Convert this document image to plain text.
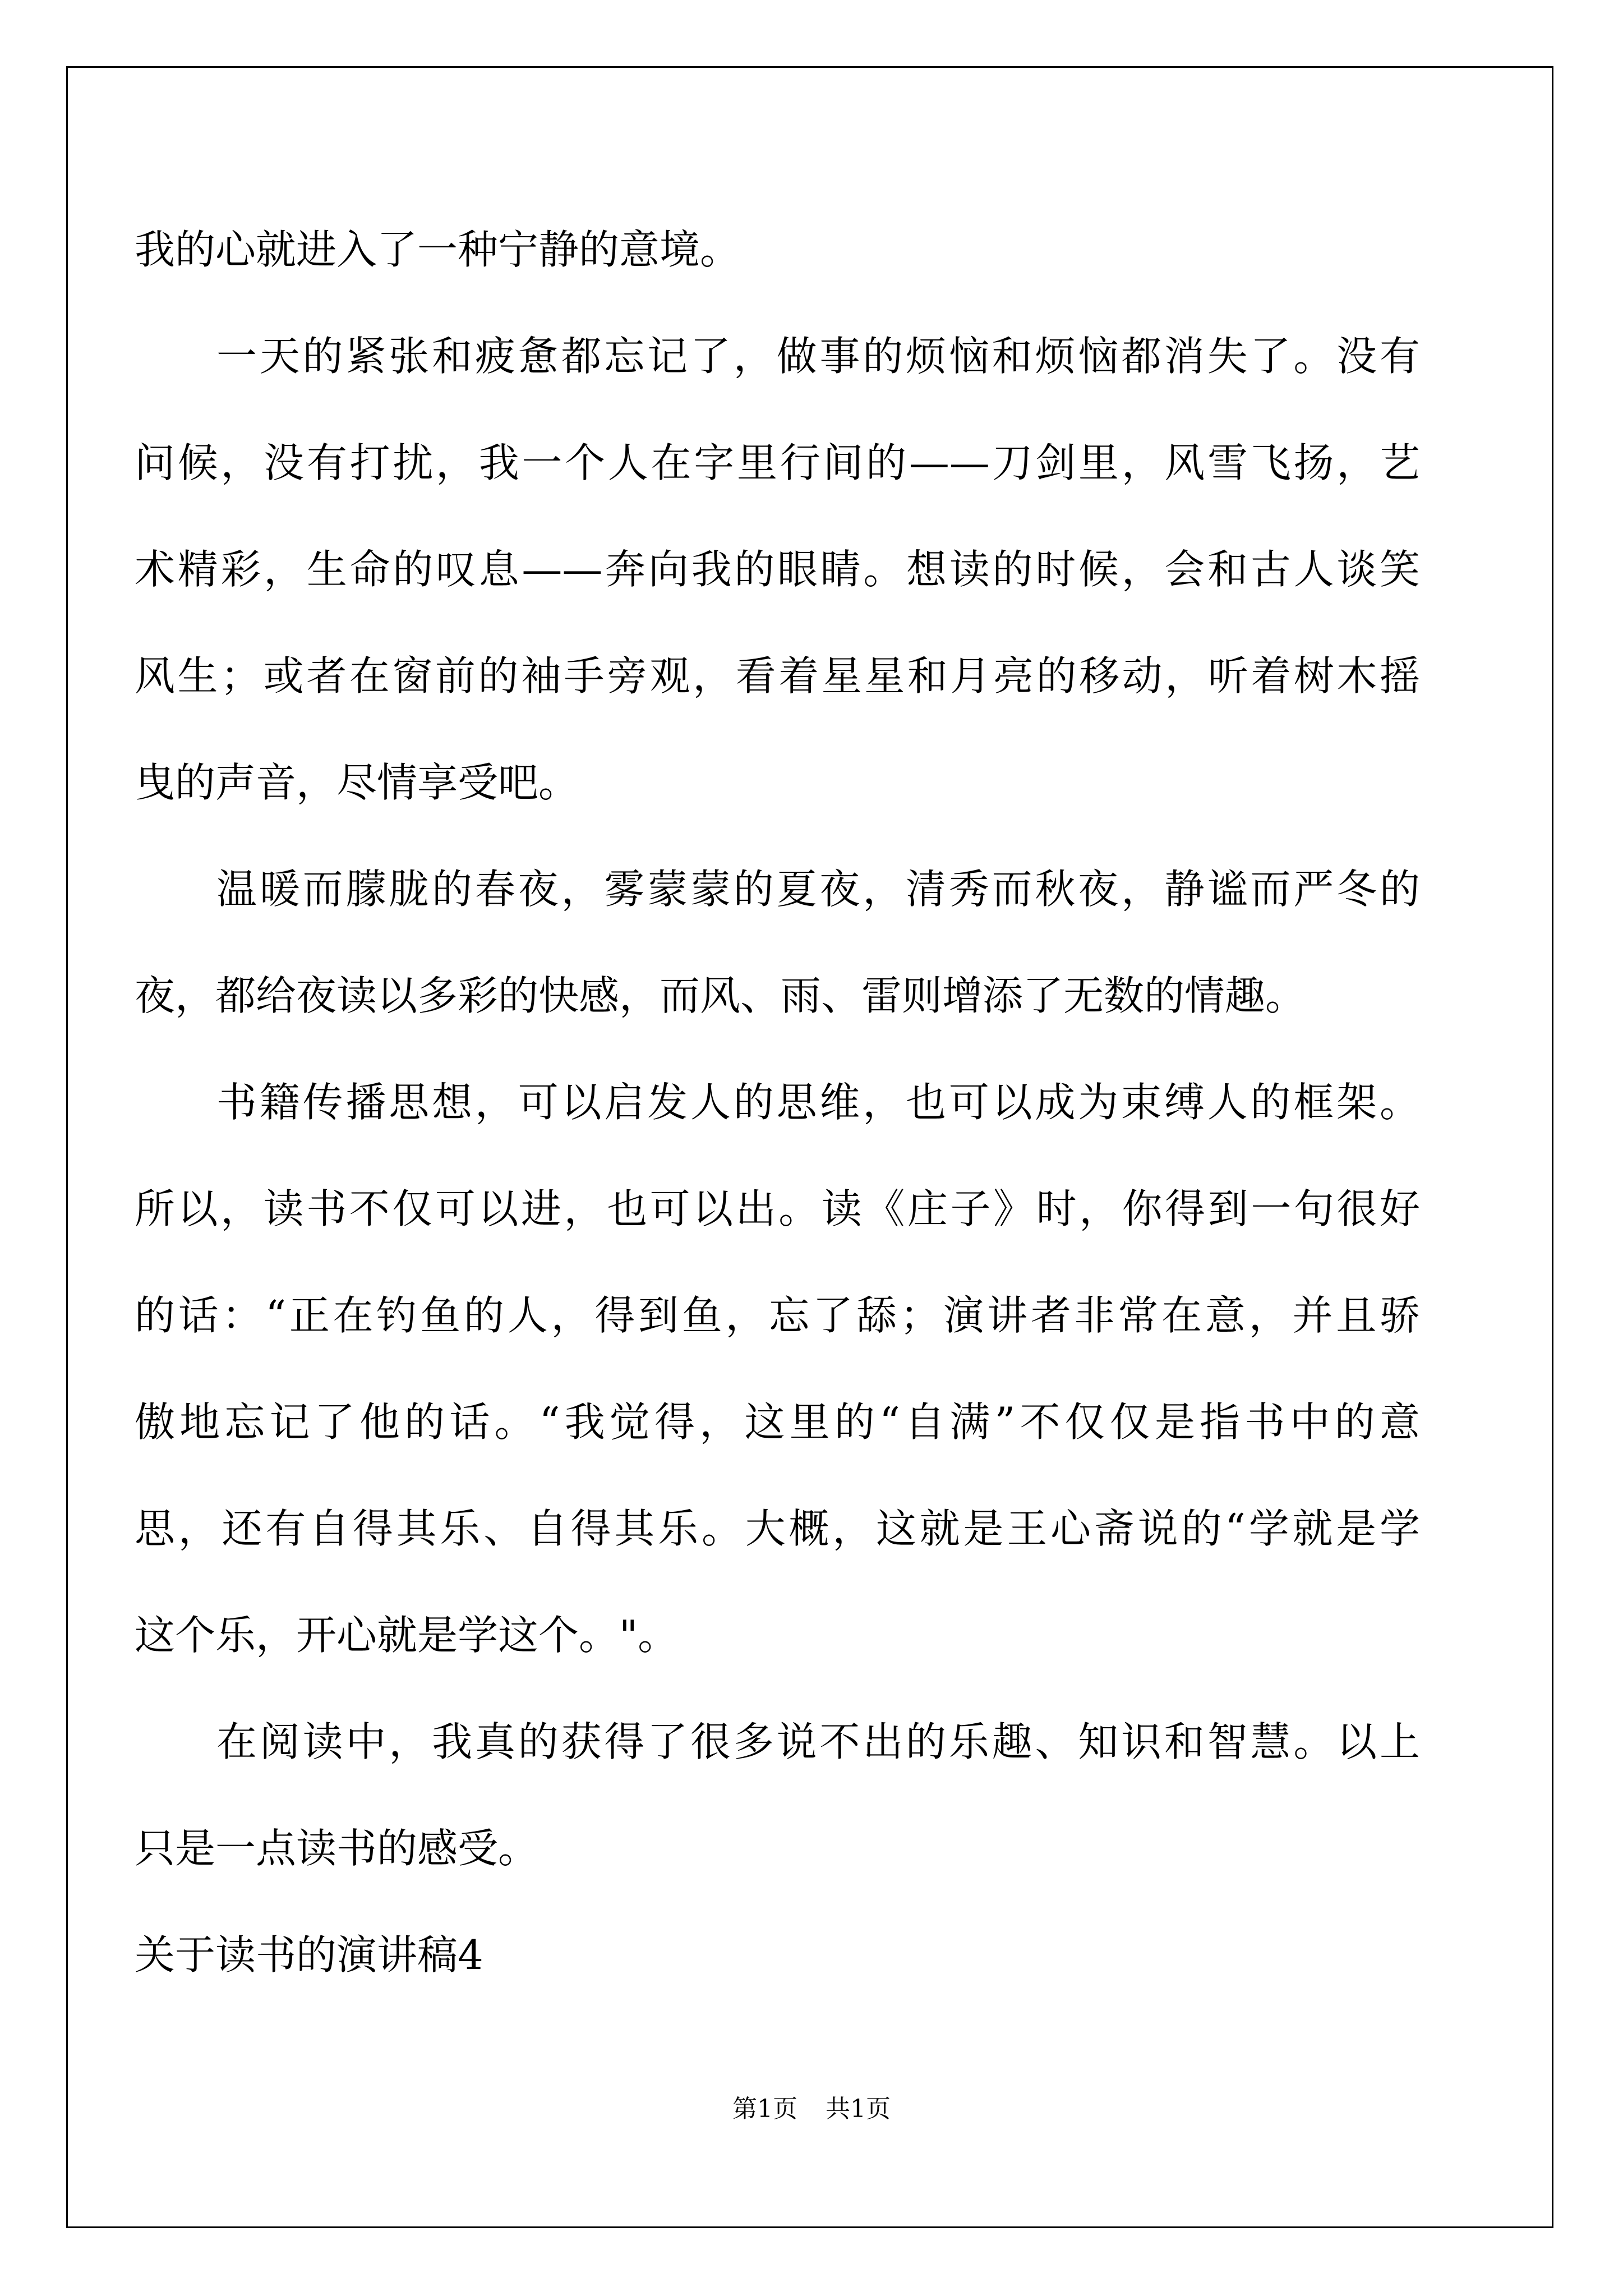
我的心就进入了一种宁静的意境。
一天的紧张和疲惫都忘记了，做事的烦恼和烦恼都消失了。没有
问候，没有打扰，我一个人在字里行间的——刀剑里，风雪飞扬，艺
术精彩，生命的叹息——奔向我的眼睛。想读的时候，会和古人谈笑
风生；或者在窗前的袖手旁观，看着星星和月亮的移动，听着树木摇
曳的声音，尽情享受吧。
温暖而朦胧的春夜，雾蒙蒙的夏夜，清秀而秋夜，静谧而严冬的
夜，都给夜读以多彩的快感，而风、雨、雷则增添了无数的情趣。
书籍传播思想，可以启发人的思维，也可以成为束缚人的框架。
所以，读书不仅可以进，也可以出。读《庄子》时，你得到一句很好
的话：“正在钓鱼的人，得到鱼，忘了舔；演讲者非常在意，并且骄
傲地忘记了他的话。“我觉得，这里的“自满”不仅仅是指书中的意
思，还有自得其乐、自得其乐。大概，这就是王心斋说的“学就是学
这个乐，开心就是学这个。"。
在阅读中，我真的获得了很多说不出的乐趣、知识和智慧。以上
只是一点读书的感受。
关于读书的演讲稿4
第1页 共1页
